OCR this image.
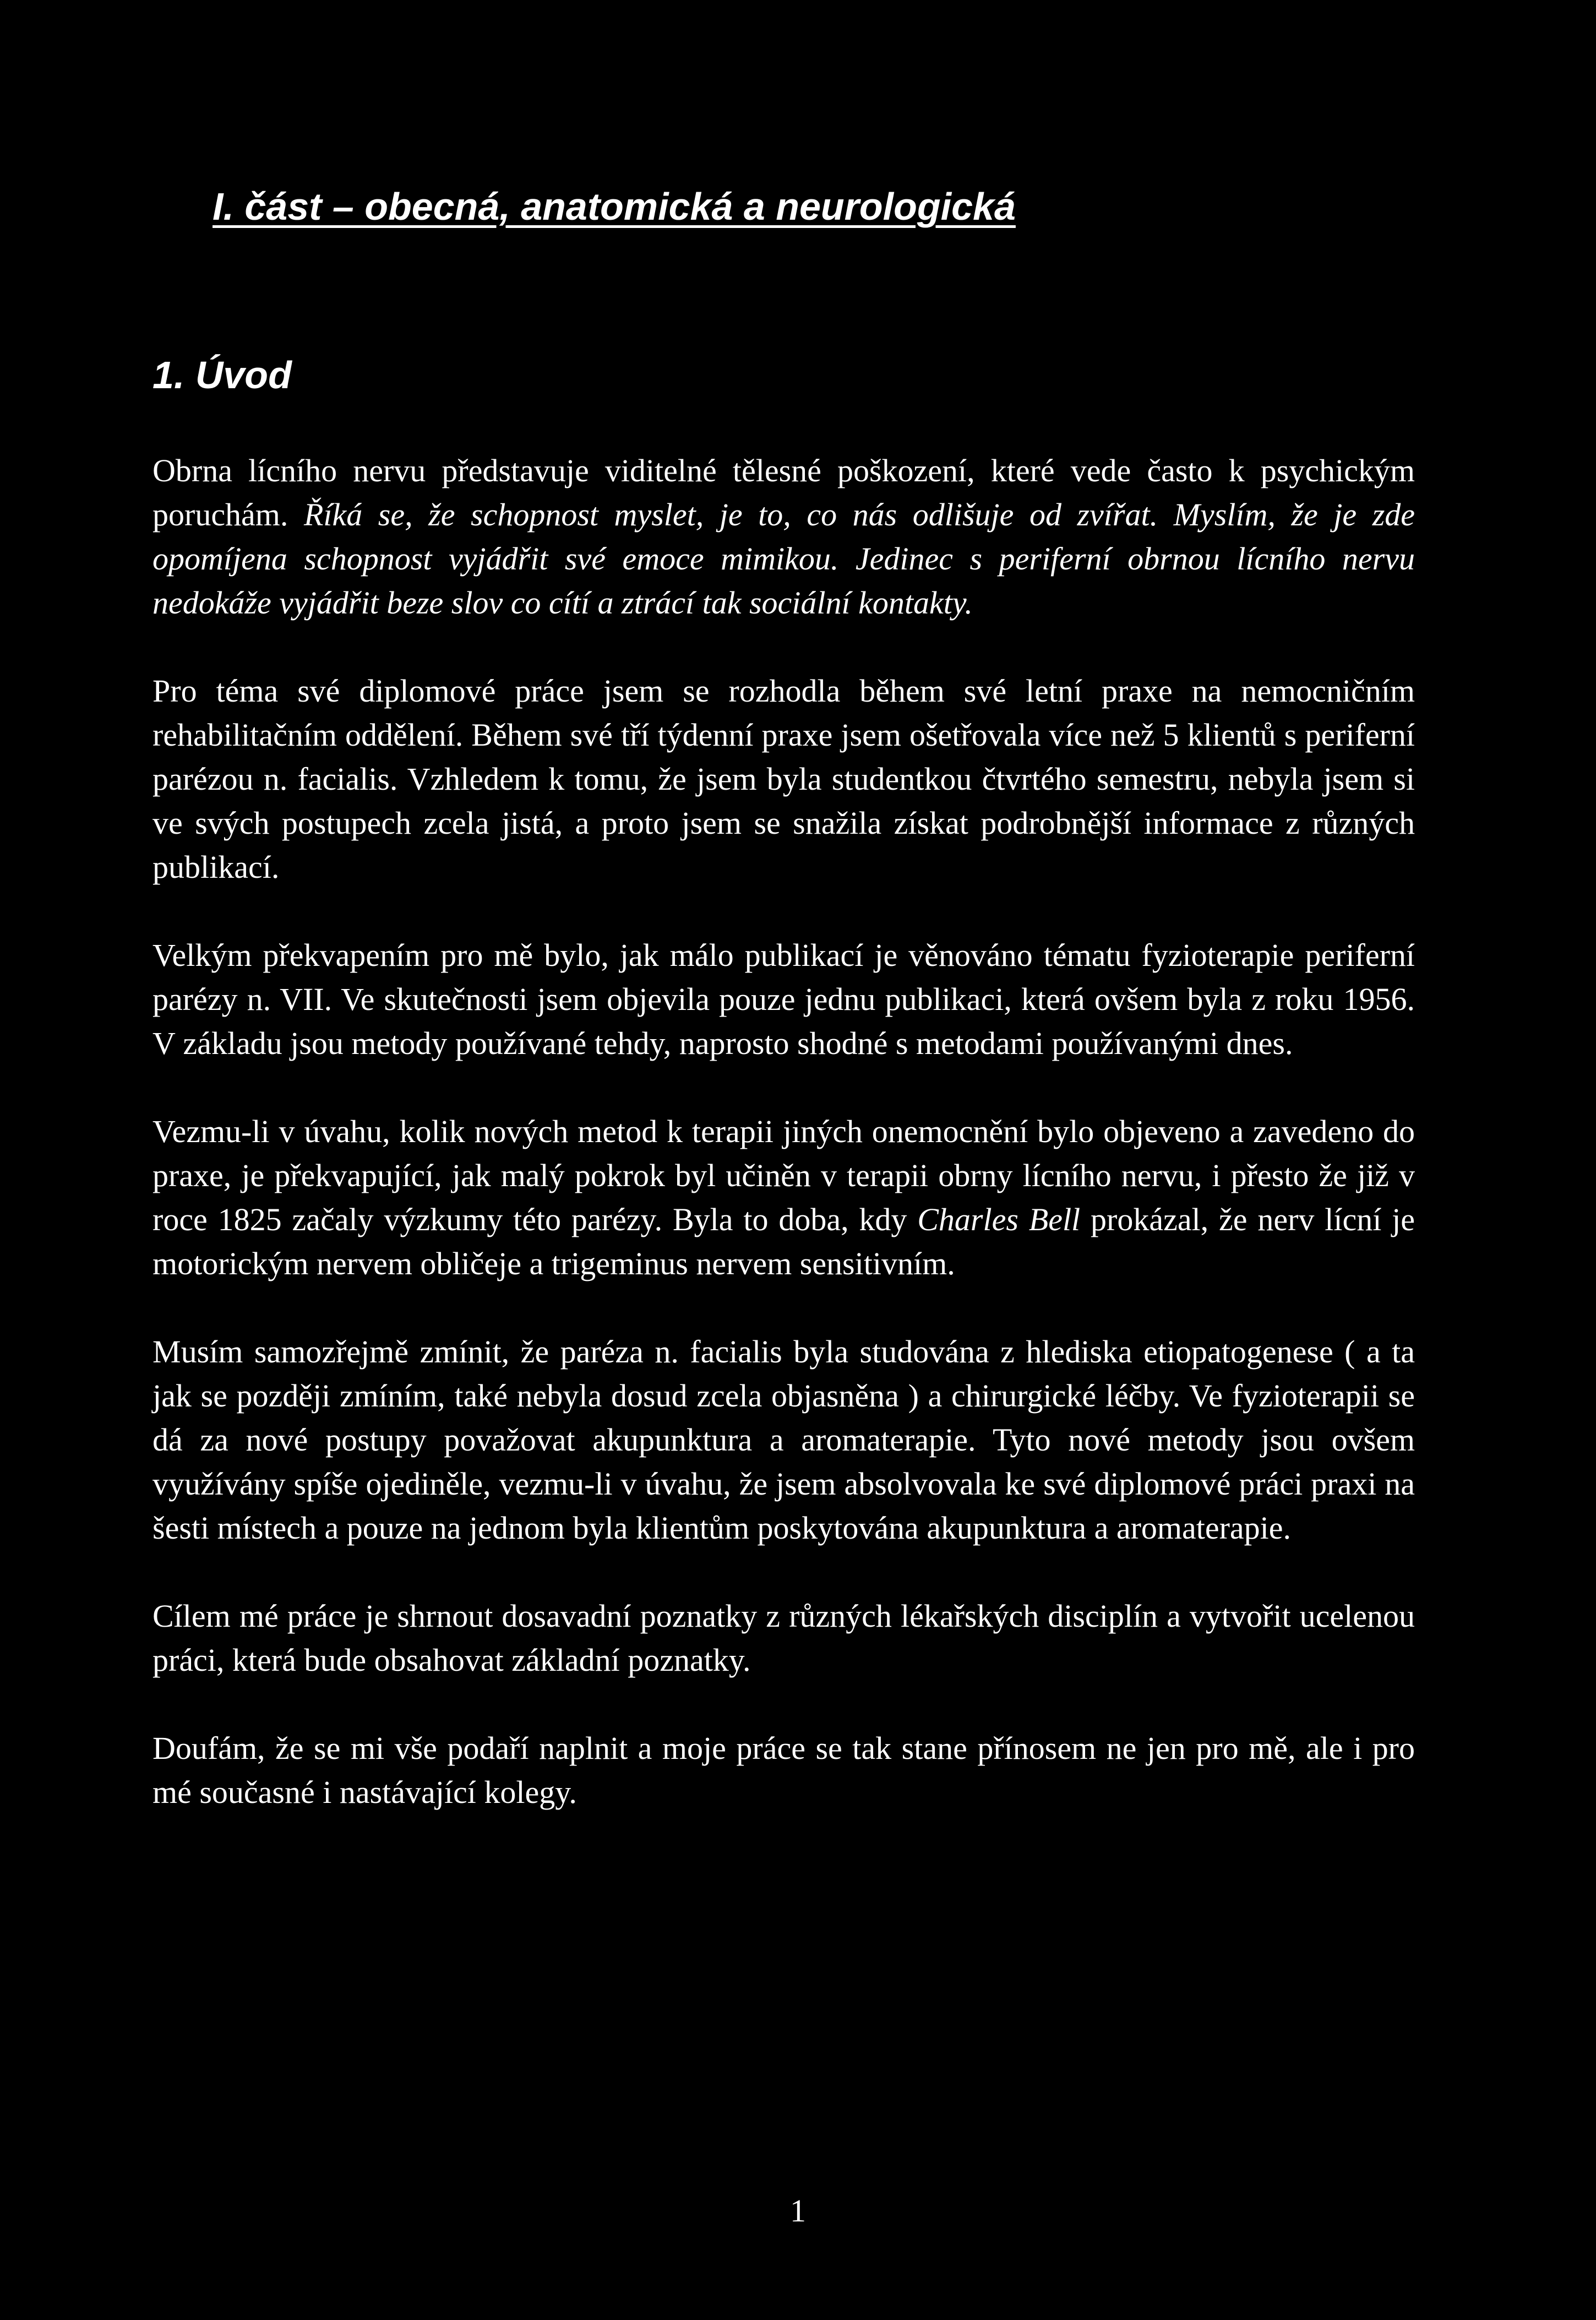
I. část – obecná, anatomická a neurologická
1. Úvod

Obrna lícního nervu představuje viditelné tělesné poškození, které vede často k psychickým poruchám. Říká se, že schopnost myslet, je to, co nás odlišuje od zvířat. Myslím, že je zde opomíjena schopnost vyjádřit své emoce mimikou. Jedinec s periferní obrnou lícního nervu nedokáže vyjádřit beze slov co cítí a ztrácí tak sociální kontakty.

Pro téma své diplomové práce jsem se rozhodla během své letní praxe na nemocničním rehabilitačním oddělení. Během své tří týdenní praxe jsem ošetřovala více než 5 klientů s periferní parézou n. facialis. Vzhledem k tomu, že jsem byla studentkou čtvrtého semestru, nebyla jsem si ve svých postupech zcela jistá, a proto jsem se snažila získat podrobnější informace z různých publikací.

Velkým překvapením pro mě bylo, jak málo publikací je věnováno tématu fyzioterapie periferní parézy n. VII. Ve skutečnosti jsem objevila pouze jednu publikaci, která ovšem byla z roku 1956. V základu jsou metody používané tehdy, naprosto shodné s metodami používanými dnes.

Vezmu-li v úvahu, kolik nových metod k terapii jiných onemocnění bylo objeveno a zavedeno do praxe, je překvapující, jak malý pokrok byl učiněn v terapii obrny lícního nervu, i přesto že již v roce 1825 začaly výzkumy této parézy. Byla to doba, kdy Charles Bell prokázal, že nerv lícní je motorickým nervem obličeje a trigeminus nervem sensitivním.

Musím samozřejmě zmínit, že paréza n. facialis byla studována z hlediska etiopatogenese ( a ta jak se později zmíním, také nebyla dosud zcela objasněna ) a chirurgické léčby. Ve fyzioterapii se dá za nové postupy považovat akupunktura a aromaterapie. Tyto nové metody jsou ovšem využívány spíše ojediněle, vezmu-li v úvahu, že jsem absolvovala ke své diplomové práci praxi na šesti místech a pouze na jednom byla klientům poskytována akupunktura a aromaterapie.

Cílem mé práce je shrnout dosavadní poznatky z různých lékařských disciplín a vytvořit ucelenou práci, která bude obsahovat základní poznatky.

Doufám, že se mi vše podaří naplnit a moje práce se tak stane přínosem ne jen pro mě, ale i pro mé současné i nastávající kolegy.

1
